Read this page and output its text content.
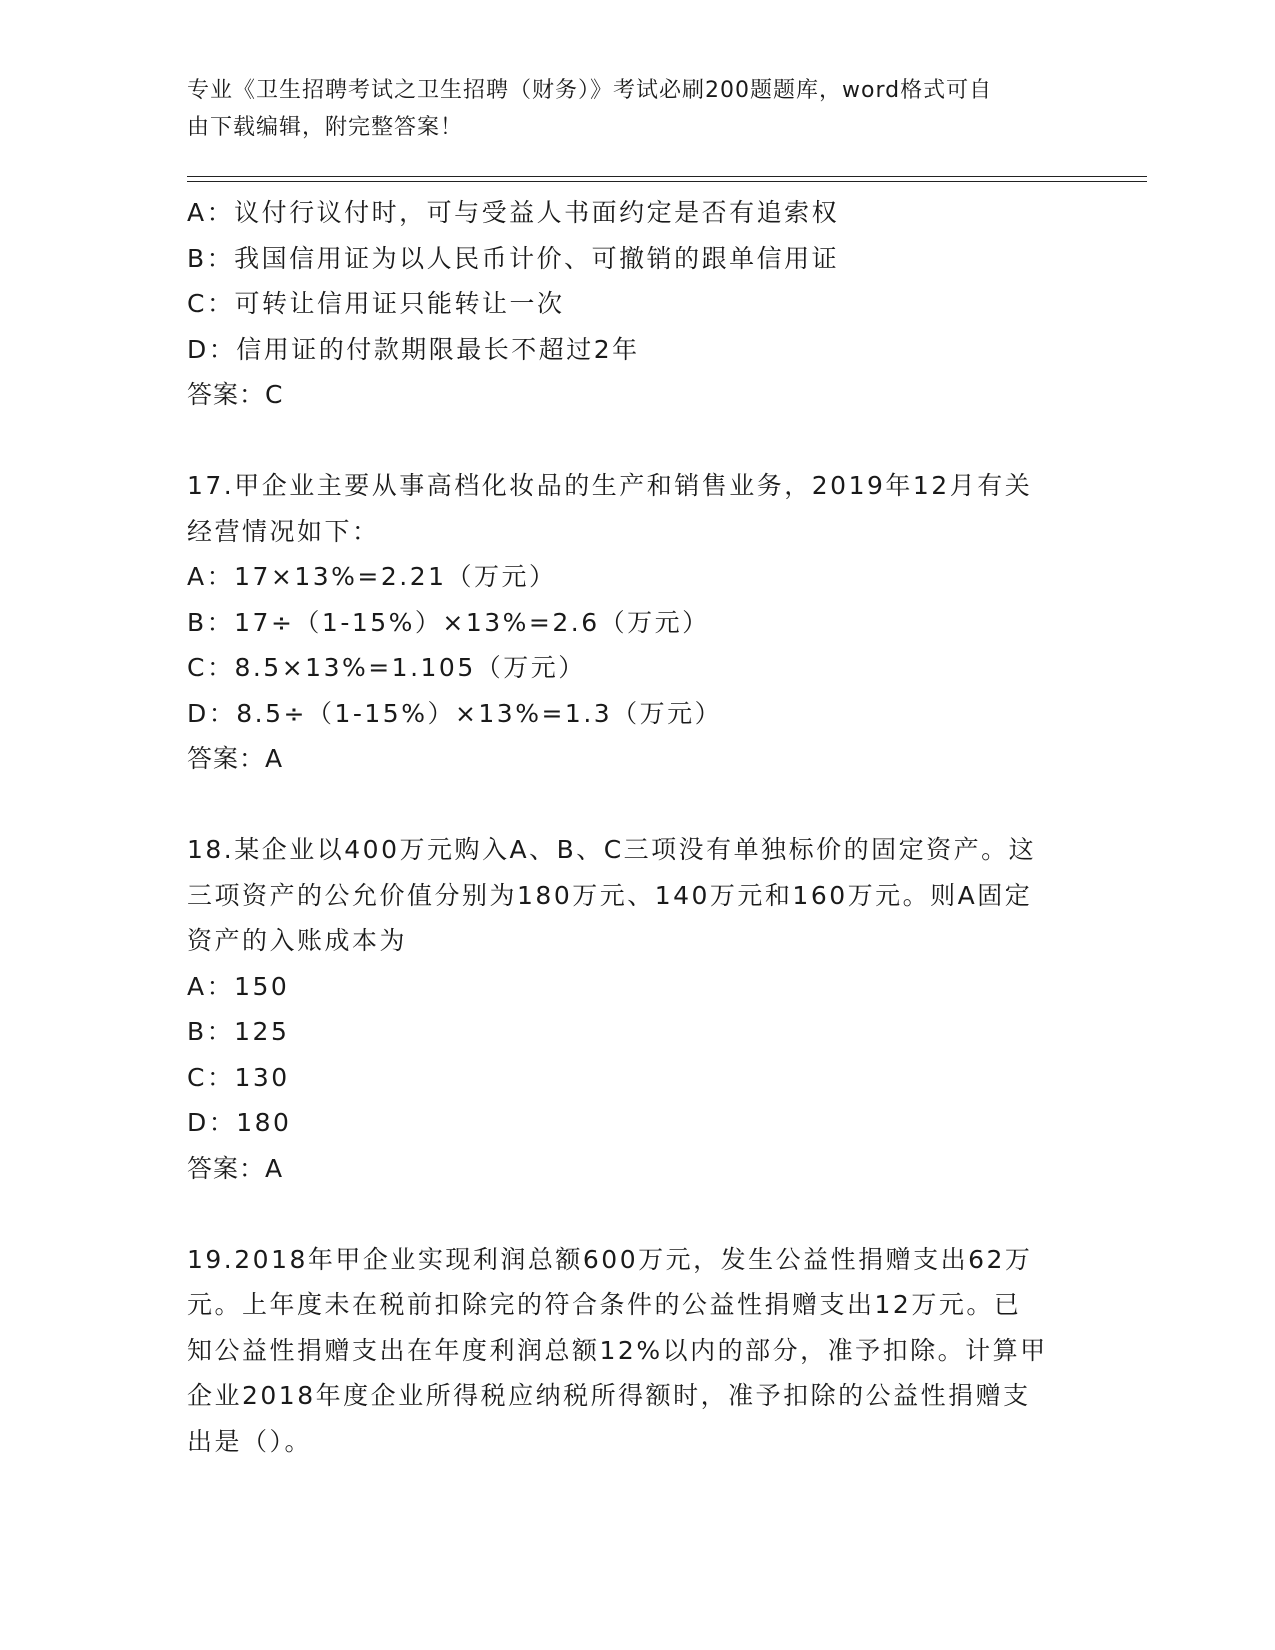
专业《卫生招聘考试之卫生招聘（财务）》考试必刷200题题库，word格式可自
由下载编辑，附完整答案！
A：议付行议付时，可与受益人书面约定是否有追索权
B：我国信用证为以人民币计价、可撤销的跟单信用证
C：可转让信用证只能转让一次
D：信用证的付款期限最长不超过2年
答案：C
17.甲企业主要从事高档化妆品的生产和销售业务，2019年12月有关
经营情况如下：
A：17×13%=2.21（万元）
B：17÷（1-15%）×13%=2.6（万元）
C：8.5×13%=1.105（万元）
D：8.5÷（1-15%）×13%=1.3（万元）
答案：A
18.某企业以400万元购入A、B、C三项没有单独标价的固定资产。这
三项资产的公允价值分别为180万元、140万元和160万元。则A固定
资产的入账成本为
A：150
B：125
C：130
D：180
答案：A
19.2018年甲企业实现利润总额600万元，发生公益性捐赠支出62万
元。上年度未在税前扣除完的符合条件的公益性捐赠支出12万元。已
知公益性捐赠支出在年度利润总额12%以内的部分，准予扣除。计算甲
企业2018年度企业所得税应纳税所得额时，准予扣除的公益性捐赠支
出是（）。
